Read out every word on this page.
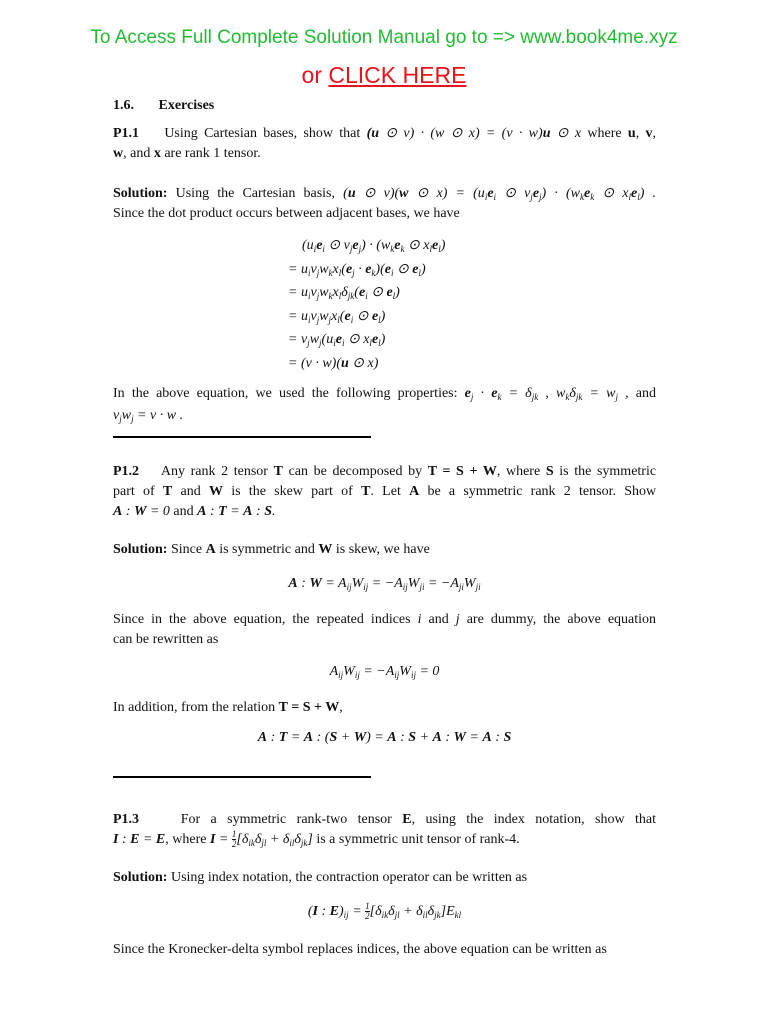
To Access Full Complete Solution Manual go to => www.book4me.xyz
or CLICK HERE
1.6. Exercises
P1.1 Using Cartesian bases, show that (u ⊙ v) · (w ⊙ x) = (v · w)u ⊙ x where u, v,
w, and x are rank 1 tensor.
Solution: Using the Cartesian basis, (u ⊙ v)(w ⊙ $x) = (u_ie_i$ ⊙ $v_je_j) \cdot (w_ke_k$ ⊙ $x_le_l$) .
Since the dot product occurs between adjacent bases, we have
($u_ie_i$ ⊙ $v_je_j) \cdot (w_ke_k$ ⊙ $x_le_l$)
= $u_iv_jw_kx_l(e_j \cdot e_k)(e_i$ ⊙ $e_l$)
= $u_iv_jw_kx_l\delta_{jk}(e_i$ ⊙ $e_l$)
= $u_iv_jw_jx_l(e_i$ ⊙ $e_l$)
= $v_jw_j(u_ie_i$ ⊙ $x_le_l$)
= (v · w)(u ⊙ x)
In the above equation, we used the following properties: $e_j \cdot e_k = \delta_{jk}$ , $w_k\delta_{jk} = w_j$ , and
$v_jw_j = v \cdot w$ .
P1.2 Any rank 2 tensor T can be decomposed by T = S + W, where S is the symmetric
part of T and W is the skew part of T. Let A be a symmetric rank 2 tensor. Show
A : W = 0 and A : T = A : S.
Solution: Since A is symmetric and W is skew, we have
A : $W = A_{ij}W_{ij} = -A_{ij}W_{ji} = -A_{ji}W_{ji}$
Since in the above equation, the repeated indices i and j are dummy, the above equation
can be rewritten as
$A_{ij}W_{ij} = -A_{ij}W_{ij} = 0$
In addition, from the relation T = S + W,
A : T = A : (S + W) = A : S + A : W = A : S
P1.3	For a symmetric rank-two tensor E, using the index notation, show that
I : E = E, where $I = \frac{1}{2} [\delta_{ik}\delta_{jl} + \delta_{il}\delta_{jk}]$ is a symmetric unit tensor of rank-4.
Solution: Using index notation, the contraction operator can be written as
(I : $E)_{ij} = \frac{1}{2} [\delta_{ik}\delta_{jl} + \delta_{il}\delta_{jk}]E_{kl}$
Since the Kronecker-delta symbol replaces indices, the above equation can be written as
